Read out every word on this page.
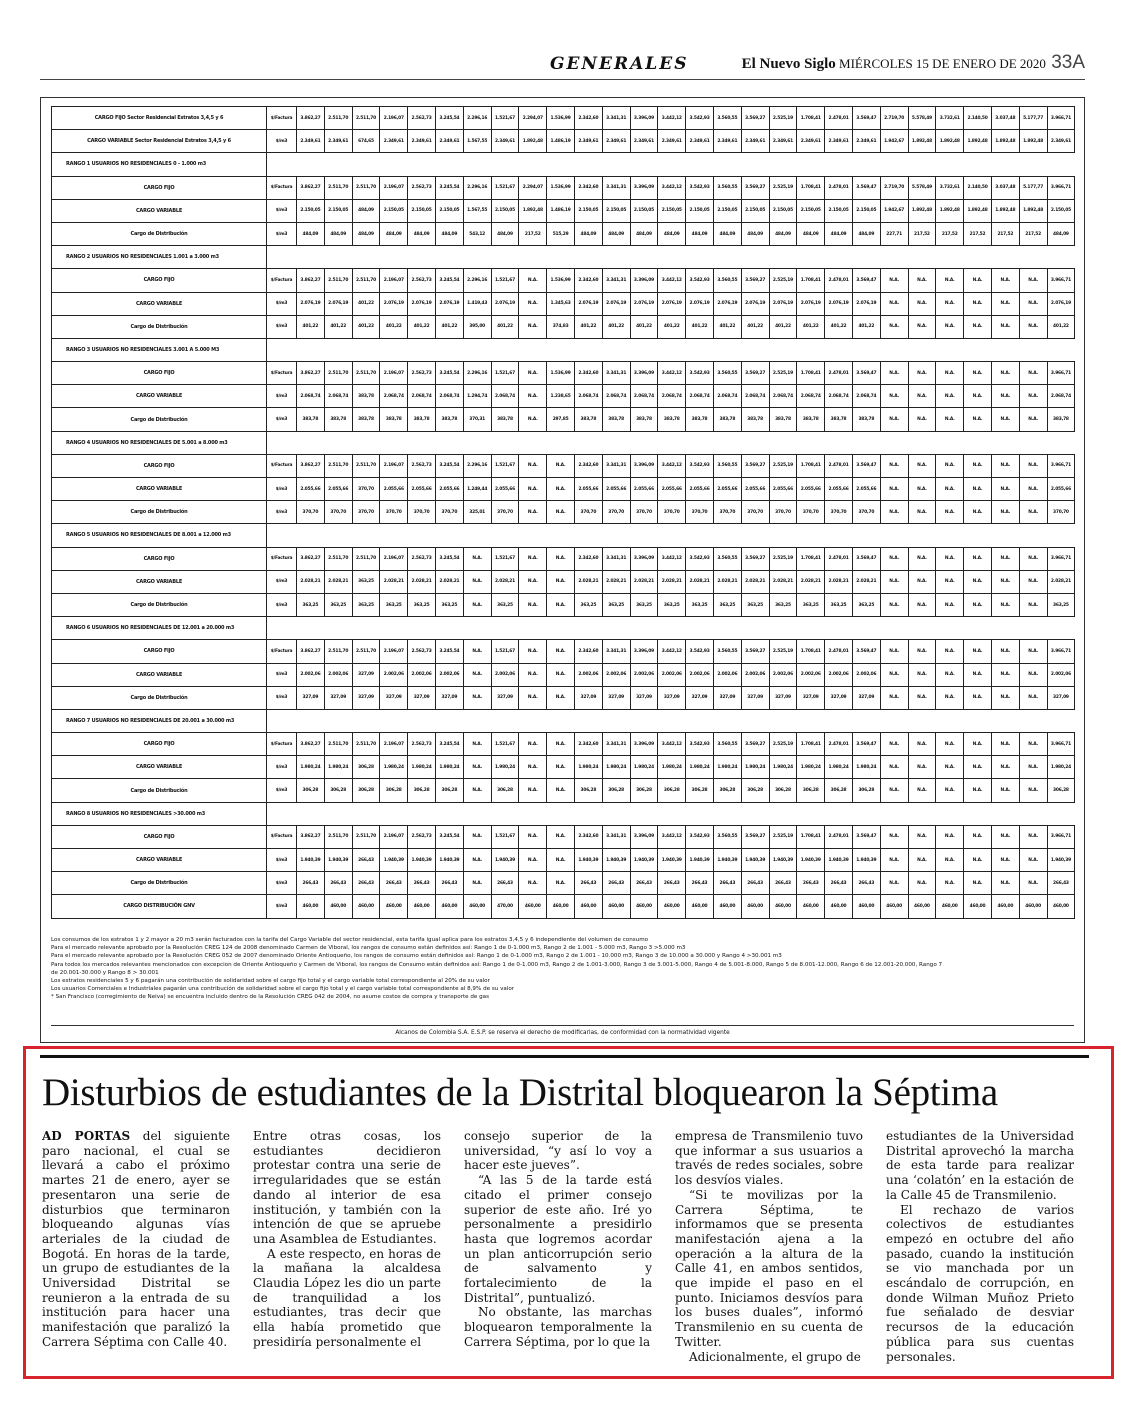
GENERALES	El Nuevo Siglo MIÉRCOLES 15 DE ENERO DE 2020 33A
CARGO FIJO Sector Residencial Estratos 3,4,5 y 6	$/Factura	3.862,27	2.511,70	2.511,70	2.196,07	2.562,73	3.245,54	2.296,16	1.521,67	2.294,07	1.536,99	2.342,60	3.341,31	3.396,09	3.442,12	3.542,93	3.560,55	3.569,27	2.525,19	1.708,41	2.478,01	3.569,47	2.719,70	5.578,49	3.732,61	2.140,50	3.037,48	5.177,77	3.966,71
CARGO VARIABLE Sector Residencial Estratos 3,4,5 y 6	$/m3	2.349,61	2.349,61	674,65	2.349,61	2.349,61	2.349,61	1.567,55	2.349,61	1.892,48	1.486,19	2.349,61	2.349,61	2.349,61	2.349,61	2.349,61	2.349,61	2.349,61	2.349,61	2.349,61	2.349,61	2.349,61	1.942,67	1.892,48	1.892,48	1.892,48	1.892,48	1.892,48	2.349,61
RANGO 1 USUARIOS NO RESIDENCIALES 0 - 1.000 m3																													
CARGO FIJO	$/Factura	3.862,27	2.511,70	2.511,70	2.196,07	2.562,73	3.245,54	2.296,16	1.521,67	2.294,07	1.536,99	2.342,60	3.341,31	3.396,09	3.442,12	3.542,93	3.560,55	3.569,27	2.525,19	1.708,41	2.478,01	3.569,47	2.719,70	5.578,49	3.732,61	2.140,50	3.037,48	5.177,77	3.966,71
CARGO VARIABLE	$/m3	2.150,05	2.150,05	484,09	2.150,05	2.150,05	2.150,05	1.567,55	2.150,05	1.892,48	1.486,19	2.150,05	2.150,05	2.150,05	2.150,05	2.150,05	2.150,05	2.150,05	2.150,05	2.150,05	2.150,05	2.150,05	1.942,67	1.892,48	1.892,48	1.892,48	1.892,48	1.892,48	2.150,05
Cargo de Distribución	$/m3	484,09	484,09	484,09	484,09	484,09	484,09	543,12	484,09	217,52	515,29	484,09	484,09	484,09	484,09	484,09	484,09	484,09	484,09	484,09	484,09	484,09	227,71	217,52	217,52	217,52	217,52	217,52	484,09
RANGO 2 USUARIOS NO RESIDENCIALES 1.001 a 3.000 m3																													
CARGO FIJO	$/Factura	3.862,27	2.511,70	2.511,70	2.196,07	2.562,73	3.245,54	2.296,16	1.521,67	N.A.	1.536,99	2.342,60	3.341,31	3.396,09	3.442,12	3.542,93	3.560,55	3.569,27	2.525,19	1.708,41	2.478,01	3.569,47	N.A.	N.A.	N.A.	N.A.	N.A.	N.A.	3.966,71
CARGO VARIABLE	$/m3	2.076,19	2.076,19	401,22	2.076,19	2.076,19	2.076,19	1.419,43	2.076,19	N.A.	1.345,63	2.076,19	2.076,19	2.076,19	2.076,19	2.076,19	2.076,19	2.076,19	2.076,19	2.076,19	2.076,19	2.076,19	N.A.	N.A.	N.A.	N.A.	N.A.	N.A.	2.076,19
Cargo de Distribución	$/m3	401,22	401,22	401,22	401,22	401,22	401,22	395,00	401,22	N.A.	374,83	401,22	401,22	401,22	401,22	401,22	401,22	401,22	401,22	401,22	401,22	401,22	N.A.	N.A.	N.A.	N.A.	N.A.	N.A.	401,22
RANGO 3 USUARIOS NO RESIDENCIALES 3.001 A 5.000 M3																													
CARGO FIJO	$/Factura	3.862,27	2.511,70	2.511,70	2.196,07	2.562,73	3.245,54	2.296,16	1.521,67	N.A.	1.536,99	2.342,60	3.341,31	3.396,09	3.442,12	3.542,93	3.560,55	3.569,27	2.525,19	1.708,41	2.478,01	3.569,47	N.A.	N.A.	N.A.	N.A.	N.A.	N.A.	3.966,71
CARGO VARIABLE	$/m3	2.068,74	2.068,74	383,78	2.068,74	2.068,74	2.068,74	1.294,74	2.068,74	N.A.	1.238,65	2.068,74	2.068,74	2.068,74	2.068,74	2.068,74	2.068,74	2.068,74	2.068,74	2.068,74	2.068,74	2.068,74	N.A.	N.A.	N.A.	N.A.	N.A.	N.A.	2.068,74
Cargo de Distribución	$/m3	383,78	383,78	383,78	383,78	383,78	383,78	370,31	383,78	N.A.	297,85	383,78	383,78	383,78	383,78	383,78	383,78	383,78	383,78	383,78	383,78	383,78	N.A.	N.A.	N.A.	N.A.	N.A.	N.A.	383,78
RANGO 4 USUARIOS NO RESIDENCIALES DE 5.001 a 8.000 m3																													
CARGO FIJO	$/Factura	3.862,27	2.511,70	2.511,70	2.196,07	2.562,73	3.245,54	2.296,16	1.521,67	N.A.	N.A.	2.342,60	3.341,31	3.396,09	3.442,12	3.542,93	3.560,55	3.569,27	2.525,19	1.708,41	2.478,01	3.569,47	N.A.	N.A.	N.A.	N.A.	N.A.	N.A.	3.966,71
CARGO VARIABLE	$/m3	2.055,66	2.055,66	370,70	2.055,66	2.055,66	2.055,66	1.249,44	2.055,66	N.A.	N.A.	2.055,66	2.055,66	2.055,66	2.055,66	2.055,66	2.055,66	2.055,66	2.055,66	2.055,66	2.055,66	2.055,66	N.A.	N.A.	N.A.	N.A.	N.A.	N.A.	2.055,66
Cargo de Distribución	$/m3	370,70	370,70	370,70	370,70	370,70	370,70	325,01	370,70	N.A.	N.A.	370,70	370,70	370,70	370,70	370,70	370,70	370,70	370,70	370,70	370,70	370,70	N.A.	N.A.	N.A.	N.A.	N.A.	N.A.	370,70
RANGO 5 USUARIOS NO RESIDENCIALES DE 8.001 a 12.000 m3																													
CARGO FIJO	$/Factura	3.862,27	2.511,70	2.511,70	2.196,07	2.562,73	3.245,54	N.A.	1.521,67	N.A.	N.A.	2.342,60	3.341,31	3.396,09	3.442,12	3.542,93	3.560,55	3.569,27	2.525,19	1.708,41	2.478,01	3.569,47	N.A.	N.A.	N.A.	N.A.	N.A.	N.A.	3.966,71
CARGO VARIABLE	$/m3	2.028,21	2.028,21	363,25	2.028,21	2.028,21	2.028,21	N.A.	2.028,21	N.A.	N.A.	2.028,21	2.028,21	2.028,21	2.028,21	2.028,21	2.028,21	2.028,21	2.028,21	2.028,21	2.028,21	2.028,21	N.A.	N.A.	N.A.	N.A.	N.A.	N.A.	2.028,21
Cargo de Distribución	$/m3	363,25	363,25	363,25	363,25	363,25	363,25	N.A.	363,25	N.A.	N.A.	363,25	363,25	363,25	363,25	363,25	363,25	363,25	363,25	363,25	363,25	363,25	N.A.	N.A.	N.A.	N.A.	N.A.	N.A.	363,25
RANGO 6 USUARIOS NO RESIDENCIALES DE 12.001 a 20.000 m3																													
CARGO FIJO	$/Factura	3.862,27	2.511,70	2.511,70	2.196,07	2.562,73	3.245,54	N.A.	1.521,67	N.A.	N.A.	2.342,60	3.341,31	3.396,09	3.442,12	3.542,93	3.560,55	3.569,27	2.525,19	1.708,41	2.478,01	3.569,47	N.A.	N.A.	N.A.	N.A.	N.A.	N.A.	3.966,71
CARGO VARIABLE	$/m3	2.002,06	2.002,06	327,09	2.002,06	2.002,06	2.002,06	N.A.	2.002,06	N.A.	N.A.	2.002,06	2.002,06	2.002,06	2.002,06	2.002,06	2.002,06	2.002,06	2.002,06	2.002,06	2.002,06	2.002,06	N.A.	N.A.	N.A.	N.A.	N.A.	N.A.	2.002,06
Cargo de Distribución	$/m3	327,09	327,09	327,09	327,09	327,09	327,09	N.A.	327,09	N.A.	N.A.	327,09	327,09	327,09	327,09	327,09	327,09	327,09	327,09	327,09	327,09	327,09	N.A.	N.A.	N.A.	N.A.	N.A.	N.A.	327,09
RANGO 7 USUARIOS NO RESIDENCIALES DE 20.001 a 30.000 m3																													
CARGO FIJO	$/Factura	3.862,27	2.511,70	2.511,70	2.196,07	2.562,73	3.245,54	N.A.	1.521,67	N.A.	N.A.	2.342,60	3.341,31	3.396,09	3.442,12	3.542,93	3.560,55	3.569,27	2.525,19	1.708,41	2.478,01	3.569,47	N.A.	N.A.	N.A.	N.A.	N.A.	N.A.	3.966,71
CARGO VARIABLE	$/m3	1.980,24	1.980,24	306,28	1.980,24	1.980,24	1.980,24	N.A.	1.980,24	N.A.	N.A.	1.980,24	1.980,24	1.980,24	1.980,24	1.980,24	1.980,24	1.980,24	1.980,24	1.980,24	1.980,24	1.980,24	N.A.	N.A.	N.A.	N.A.	N.A.	N.A.	1.980,24
Cargo de Distribución	$/m3	306,28	306,28	306,28	306,28	306,28	306,28	N.A.	306,28	N.A.	N.A.	306,28	306,28	306,28	306,28	306,28	306,28	306,28	306,28	306,28	306,28	306,28	N.A.	N.A.	N.A.	N.A.	N.A.	N.A.	306,28
RANGO 8 USUARIOS NO RESIDENCIALES >30.000 m3																													
CARGO FIJO	$/Factura	3.862,27	2.511,70	2.511,70	2.196,07	2.562,73	3.245,54	N.A.	1.521,67	N.A.	N.A.	2.342,60	3.341,31	3.396,09	3.442,12	3.542,93	3.560,55	3.569,27	2.525,19	1.708,41	2.478,01	3.569,47	N.A.	N.A.	N.A.	N.A.	N.A.	N.A.	3.966,71
CARGO VARIABLE	$/m3	1.940,39	1.940,39	266,43	1.940,39	1.940,39	1.940,39	N.A.	1.940,39	N.A.	N.A.	1.940,39	1.940,39	1.940,39	1.940,39	1.940,39	1.940,39	1.940,39	1.940,39	1.940,39	1.940,39	1.940,39	N.A.	N.A.	N.A.	N.A.	N.A.	N.A.	1.940,39
Cargo de Distribución	$/m3	266,43	266,43	266,43	266,43	266,43	266,43	N.A.	266,43	N.A.	N.A.	266,43	266,43	266,43	266,43	266,43	266,43	266,43	266,43	266,43	266,43	266,43	N.A.	N.A.	N.A.	N.A.	N.A.	N.A.	266,43
CARGO DISTRIBUCIÓN GNV	$/m3	460,00	460,00	460,00	460,00	460,00	460,00	460,00	470,00	460,00	460,00	460,00	460,00	460,00	460,00	460,00	460,00	460,00	460,00	460,00	460,00	460,00	460,00	460,00	460,00	460,00	460,00	460,00	460,00
Los consumos de los estratos 1 y 2 mayor a 20 m3 serán facturados con la tarifa del Cargo Variable del sector residencial, esta tarifa igual aplica para los estratos 3,4,5 y 6 independiente del volumen de consumo
Para el mercado relevante aprobado por la Resolución CREG 124 de 2008 denominado Carmen de Viboral, los rangos de consumo están definidos así: Rango 1 de 0-1.000 m3, Rango 2 de 1.001 - 5.000 m3, Rango 3 >5.000 m3
Para el mercado relevante aprobado por la Resolución CREG 052 de 2007 denominado Oriente Antioqueño, los rangos de consumo están definidos así: Rango 1 de 0-1.000 m3, Rango 2 de 1.001 - 10.000 m3, Rango 3 de 10.000 a 30.000 y Rango 4 >30.001 m3
Para todos los mercados relevantes mencionados con excepcion de Oriente Antioqueño y Carmen de Viboral, los rangos de Consumo están definidos así: Rango 1 de 0-1.000 m3, Rango 2 de 1.001-3.000, Rango 3 de 3.001-5.000, Rango 4 de 5.001-8.000, Rango 5 de 8.001-12.000, Rango 6 de 12.001-20.000, Rango 7
de 20.001-30.000 y Rango 8 > 30.001
Los estratos residenciales 5 y 6 pagarán una contribución de solidaridad sobre el cargo fijo total y el cargo variable total correspondiente al 20% de su valor
Los usuarios Comerciales e Industriales pagarán una contribución de solidaridad sobre el cargo fijo total y el cargo variable total correspondiente al 8,9% de su valor
* San Francisco (corregimiento de Neiva) se encuentra incluido dentro de la Resolución CREG 042 de 2004, no asume costos de compra y transporte de gas
Alcanos de Colombia S.A. E.S.P. se reserva el derecho de modificarlas, de conformidad con la normatividad vigente
Disturbios de estudiantes de la Distrital bloquearon la Séptima

AD PORTAS del siguiente paro nacional, el cual se llevará a cabo el próximo martes 21 de enero, ayer se presentaron una serie de disturbios que terminaron bloqueando algunas vías arteriales de la ciudad de Bogotá. En horas de la tarde, un grupo de estudiantes de la Universidad Distrital se reunieron a la entrada de su institución para hacer una manifestación que paralizó la Carrera Séptima con Calle 40.

Entre otras cosas, los estudiantes decidieron protestar contra una serie de irregularidades que se están dando al interior de esa institución, y también con la intención de que se apruebe una Asamblea de Estudiantes.

A este respecto, en horas de la mañana la alcaldesa Claudia López les dio un parte de tranquilidad a los estudiantes, tras decir que ella había prometido que presidiría personalmente el

consejo superior de la universidad, “y así lo voy a hacer este jueves”.

“A las 5 de la tarde está citado el primer consejo superior de este año. Iré yo personalmente a presidirlo hasta que logremos acordar un plan anticorrupción serio de salvamento y fortalecimiento de la Distrital”, puntualizó.

No obstante, las marchas bloquearon temporalmente la Carrera Séptima, por lo que la

empresa de Transmilenio tuvo que informar a sus usuarios a través de redes sociales, sobre los desvíos viales.

“Si te movilizas por la Carrera Séptima, te informamos que se presenta manifestación ajena a la operación a la altura de la Calle 41, en ambos sentidos, que impide el paso en el punto. Iniciamos desvíos para los buses duales”, informó Transmilenio en su cuenta de Twitter.

Adicionalmente, el grupo de

estudiantes de la Universidad Distrital aprovechó la marcha de esta tarde para realizar una ‘colatón’ en la estación de la Calle 45 de Transmilenio.

El rechazo de varios colectivos de estudiantes empezó en octubre del año pasado, cuando la institución se vio manchada por un escándalo de corrupción, en donde Wilman Muñoz Prieto fue señalado de desviar recursos de la educación pública para sus cuentas personales.
